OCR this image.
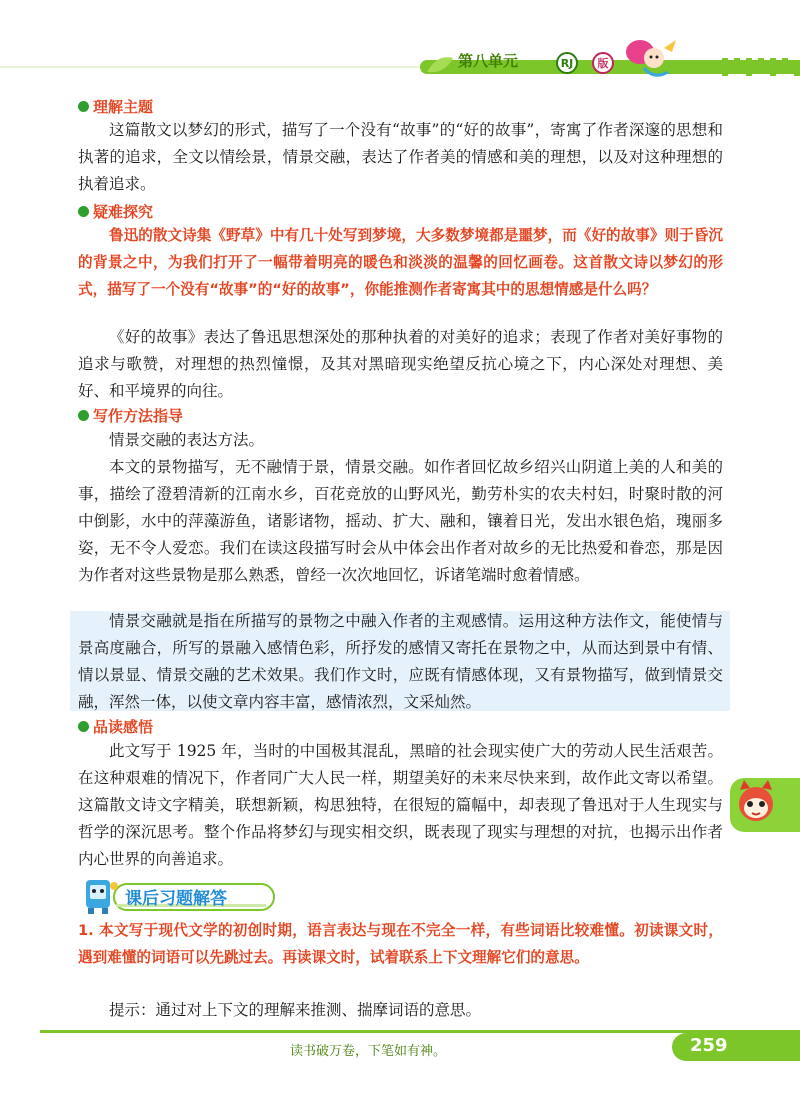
第八单元	RJ	版
理解主题

这篇散文以梦幻的形式，描写了一个没有“故事”的“好的故事”，寄寓了作者深邃的思想和执著的追求，全文以情绘景，情景交融，表达了作者美的情感和美的理想，以及对这种理想的执着追求。

疑难探究

鲁迅的散文诗集《野草》中有几十处写到梦境，大多数梦境都是噩梦，而《好的故事》则于昏沉的背景之中，为我们打开了一幅带着明亮的暖色和淡淡的温馨的回忆画卷。这首散文诗以梦幻的形式，描写了一个没有“故事”的“好的故事”，你能推测作者寄寓其中的思想情感是什么吗？

《好的故事》表达了鲁迅思想深处的那种执着的对美好的追求；表现了作者对美好事物的追求与歌赞，对理想的热烈憧憬，及其对黑暗现实绝望反抗心境之下，内心深处对理想、美好、和平境界的向往。

写作方法指导

情景交融的表达方法。

本文的景物描写，无不融情于景，情景交融。如作者回忆故乡绍兴山阴道上美的人和美的事，描绘了澄碧清新的江南水乡，百花竞放的山野风光，勤劳朴实的农夫村妇，时聚时散的河中倒影，水中的萍藻游鱼，诸影诸物，摇动、扩大、融和，镶着日光，发出水银色焰，瑰丽多姿，无不令人爱恋。我们在读这段描写时会从中体会出作者对故乡的无比热爱和眷恋，那是因为作者对这些景物是那么熟悉，曾经一次次地回忆，诉诸笔端时愈着情感。

情景交融就是指在所描写的景物之中融入作者的主观感情。运用这种方法作文，能使情与景高度融合，所写的景融入感情色彩，所抒发的感情又寄托在景物之中，从而达到景中有情、情以景显、情景交融的艺术效果。我们作文时，应既有情感体现，又有景物描写，做到情景交融，浑然一体，以使文章内容丰富，感情浓烈，文采灿然。

品读感悟

此文写于 1925 年，当时的中国极其混乱，黑暗的社会现实使广大的劳动人民生活艰苦。在这种艰难的情况下，作者同广大人民一样，期望美好的未来尽快来到，故作此文寄以希望。这篇散文诗文字精美，联想新颖，构思独特，在很短的篇幅中，却表现了鲁迅对于人生现实与哲学的深沉思考。整个作品将梦幻与现实相交织，既表现了现实与理想的对抗，也揭示出作者内心世界的向善追求。

课后习题解答

1. 本文写于现代文学的初创时期，语言表达与现在不完全一样，有些词语比较难懂。初读课文时，遇到难懂的词语可以先跳过去。再读课文时，试着联系上下文理解它们的意思。

提示：通过对上下文的理解来推测、揣摩词语的意思。

读书破万卷，下笔如有神。	259
